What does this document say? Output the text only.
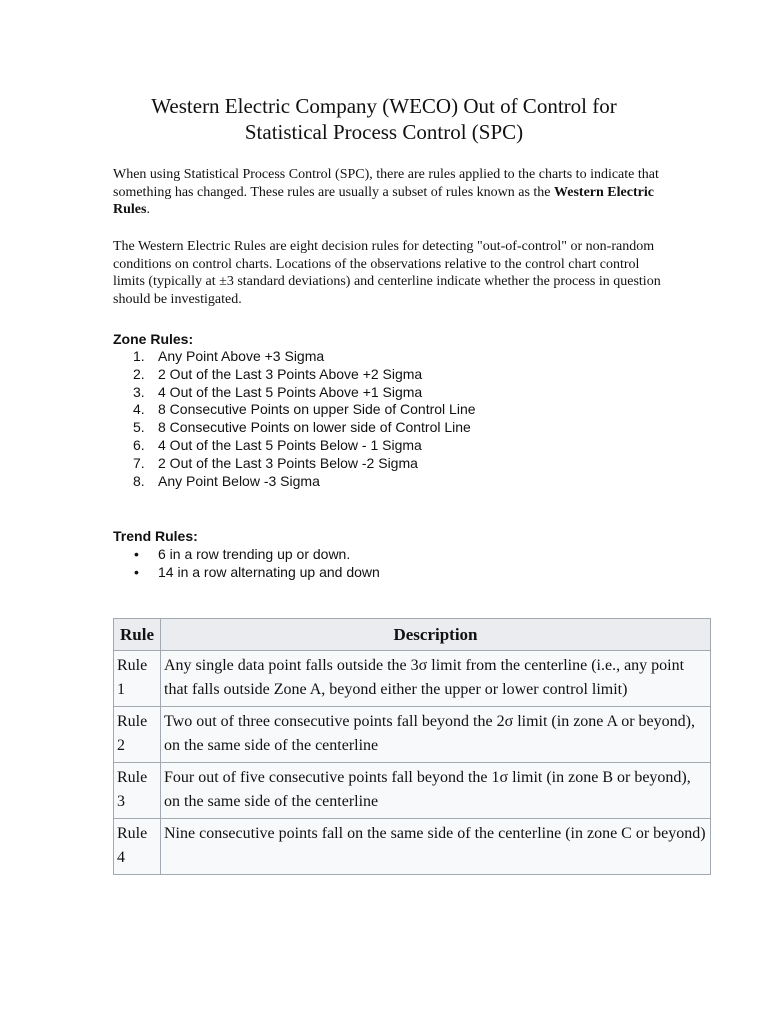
Western Electric Company (WECO) Out of Control for
Statistical Process Control (SPC)
When using Statistical Process Control (SPC), there are rules applied to the charts to indicate that something has changed. These rules are usually a subset of rules known as the Western Electric Rules.
The Western Electric Rules are eight decision rules for detecting "out-of-control" or non-random conditions on control charts. Locations of the observations relative to the control chart control limits (typically at ±3 standard deviations) and centerline indicate whether the process in question should be investigated.
Zone Rules:
1. Any Point Above +3 Sigma
2. 2 Out of the Last 3 Points Above +2 Sigma
3. 4 Out of the Last 5 Points Above +1 Sigma
4. 8 Consecutive Points on upper Side of Control Line
5. 8 Consecutive Points on lower side of Control Line
6. 4 Out of the Last 5 Points Below - 1 Sigma
7. 2 Out of the Last 3 Points Below -2 Sigma
8. Any Point Below -3 Sigma
Trend Rules:
• 6 in a row trending up or down.
• 14 in a row alternating up and down
Rule	Description
Rule 1	Any single data point falls outside the 3σ limit from the centerline (i.e., any point that falls outside Zone A, beyond either the upper or lower control limit)
Rule 2	Two out of three consecutive points fall beyond the 2σ limit (in zone A or beyond), on the same side of the centerline
Rule 3	Four out of five consecutive points fall beyond the 1σ limit (in zone B or beyond), on the same side of the centerline
Rule 4	Nine consecutive points fall on the same side of the centerline (in zone C or beyond)
